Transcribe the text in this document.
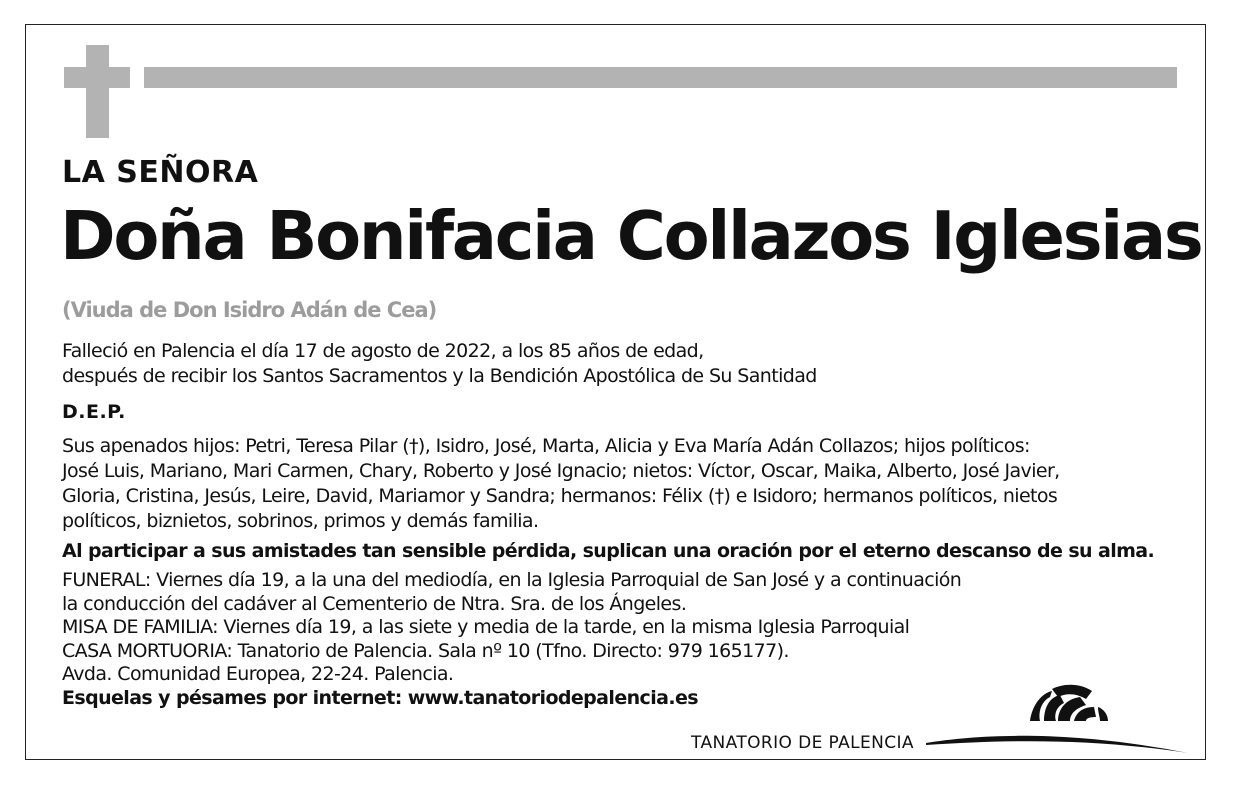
LA SEÑORA
Doña Bonifacia Collazos Iglesias
(Viuda de Don Isidro Adán de Cea)
Falleció en Palencia el día 17 de agosto de 2022, a los 85 años de edad,
después de recibir los Santos Sacramentos y la Bendición Apostólica de Su Santidad
D.E.P.
Sus apenados hijos: Petri, Teresa Pilar (†), Isidro, José, Marta, Alicia y Eva María Adán Collazos; hijos políticos:
José Luis, Mariano, Mari Carmen, Chary, Roberto y José Ignacio; nietos: Víctor, Oscar, Maika, Alberto, José Javier,
Gloria, Cristina, Jesús, Leire, David, Mariamor y Sandra; hermanos: Félix (†) e Isidoro; hermanos políticos, nietos
políticos, biznietos, sobrinos, primos y demás familia.
Al participar a sus amistades tan sensible pérdida, suplican una oración por el eterno descanso de su alma.
FUNERAL: Viernes día 19, a la una del mediodía, en la Iglesia Parroquial de San José y a continuación
la conducción del cadáver al Cementerio de Ntra. Sra. de los Ángeles.
MISA DE FAMILIA: Viernes día 19, a las siete y media de la tarde, en la misma Iglesia Parroquial
CASA MORTUORIA: Tanatorio de Palencia. Sala nº 10 (Tfno. Directo: 979 165177).
Avda. Comunidad Europea, 22-24. Palencia.
Esquelas y pésames por internet: www.tanatoriodepalencia.es
TANATORIO DE PALENCIA
